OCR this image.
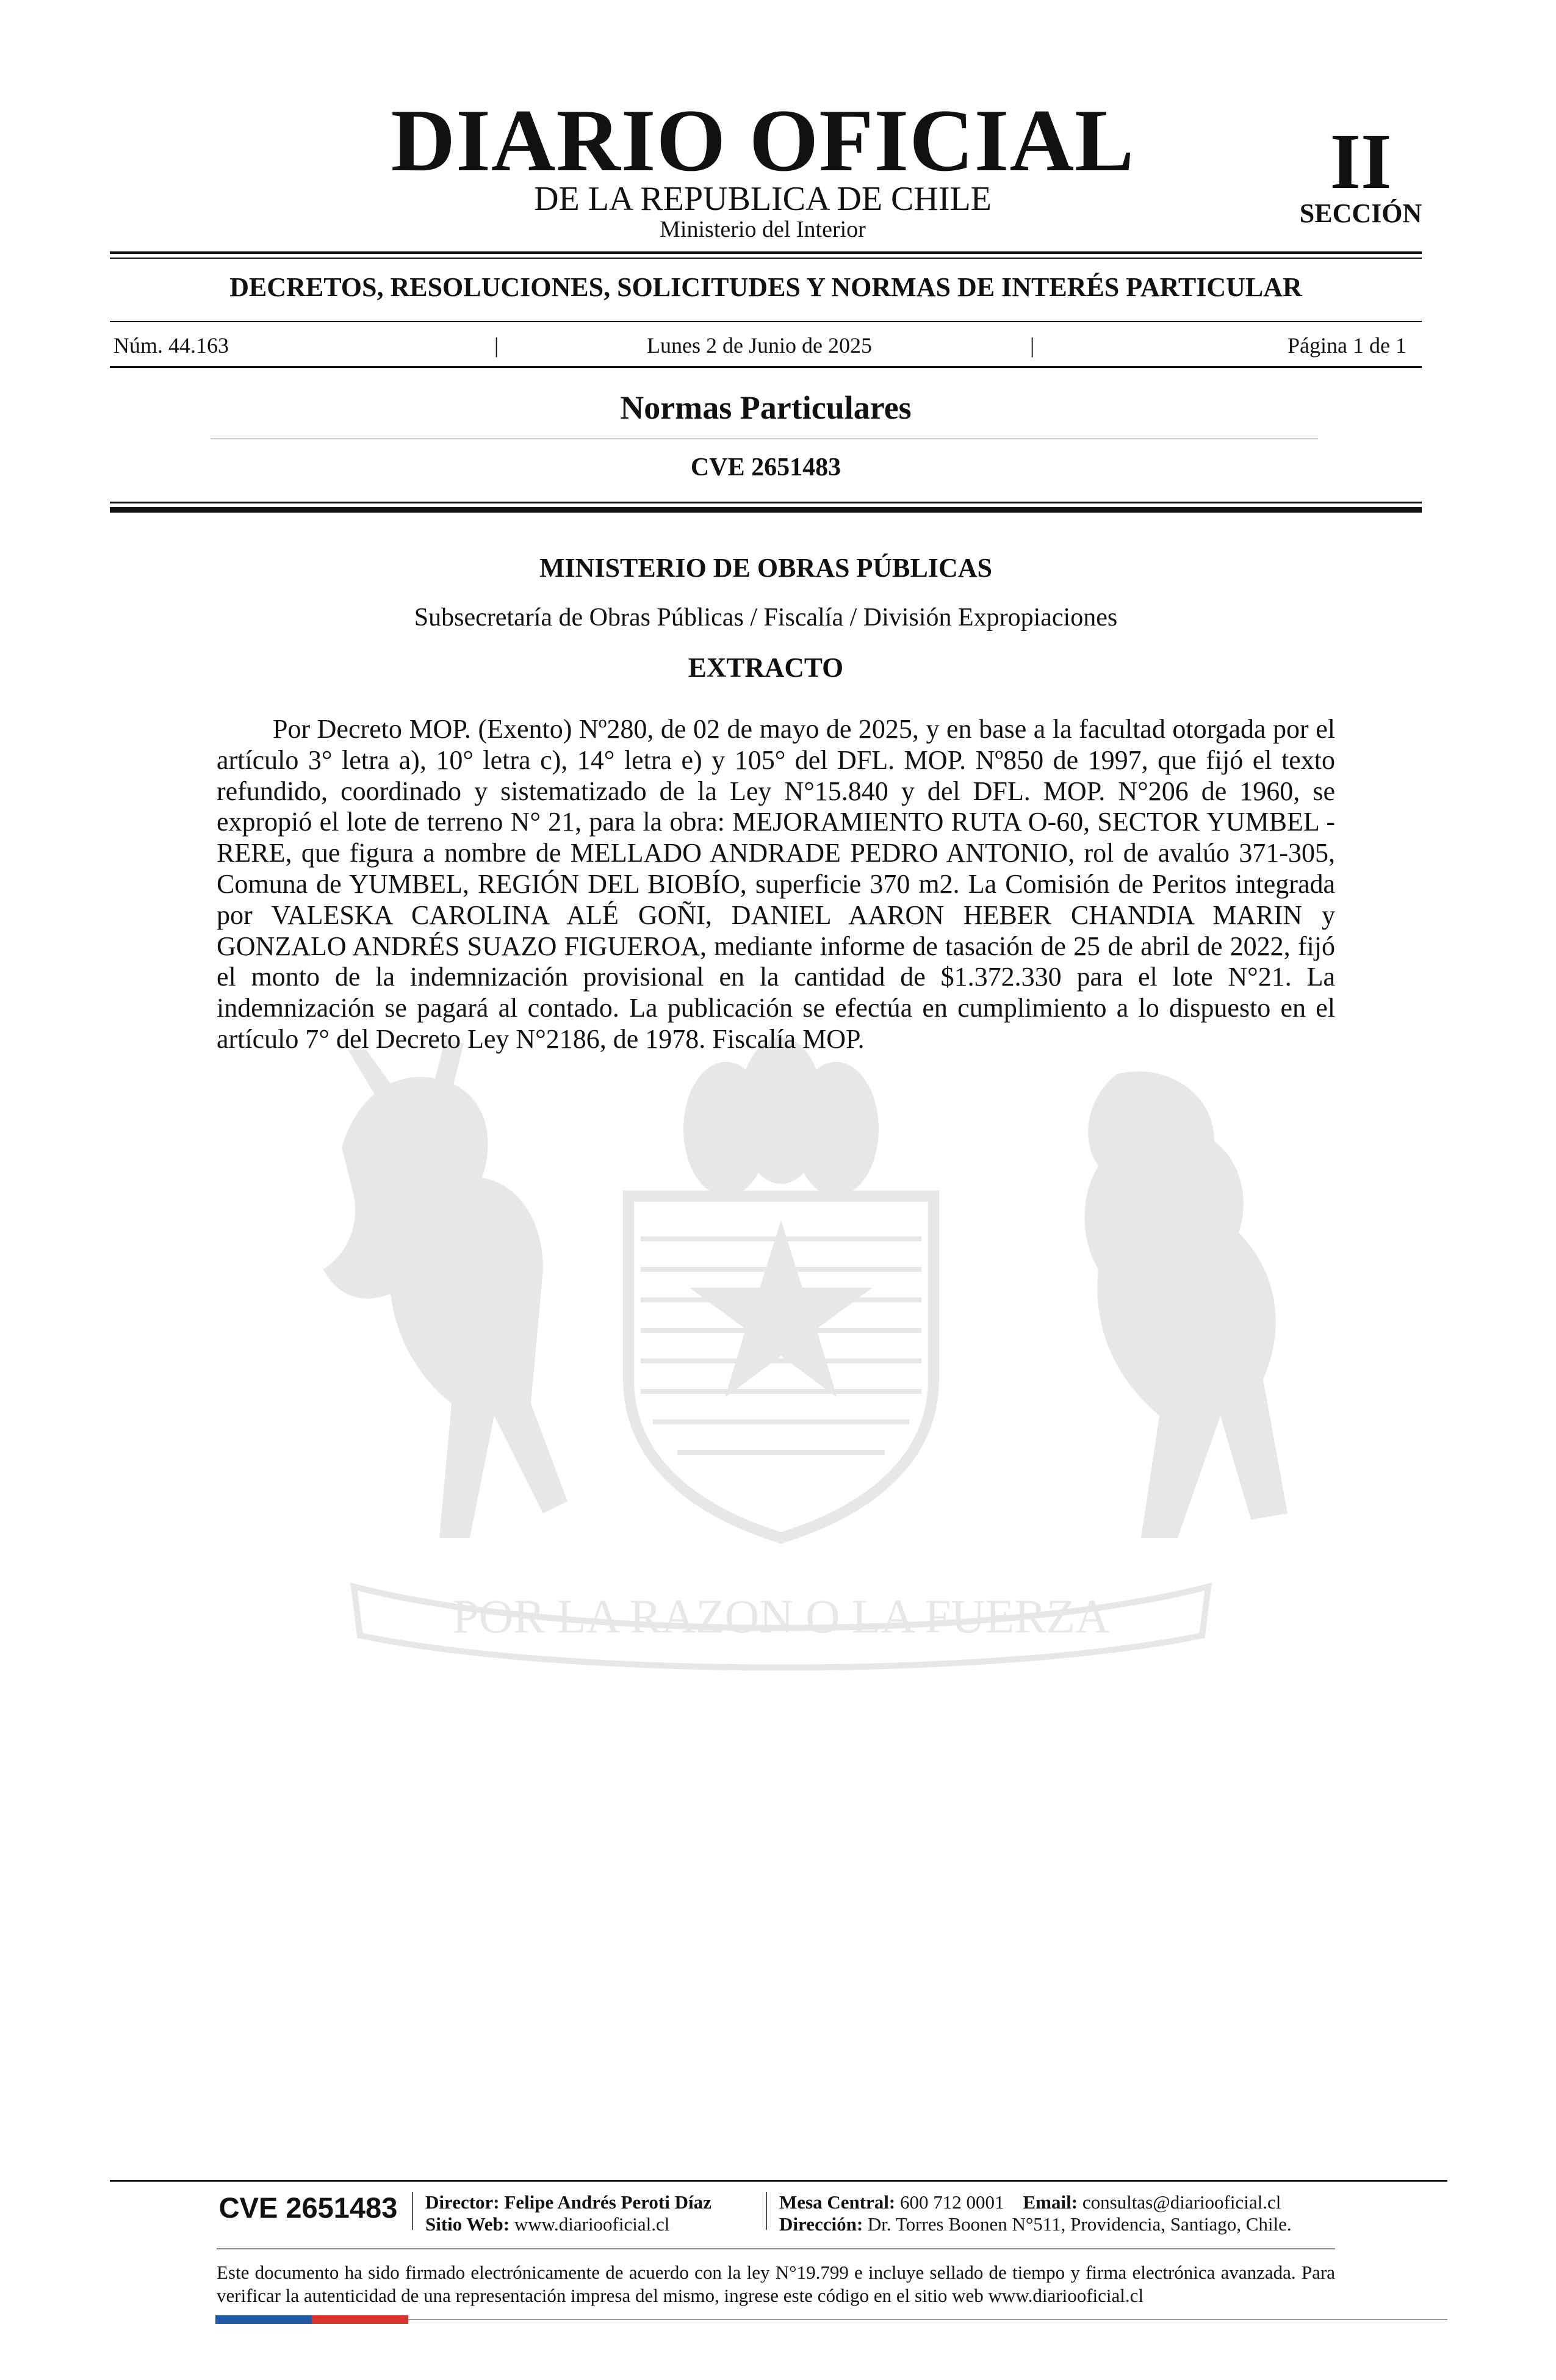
POR LA RAZON O LA FUERZA
DIARIO OFICIAL
DE LA REPUBLICA DE CHILE
Ministerio del Interior
II
SECCIÓN
DECRETOS, RESOLUCIONES, SOLICITUDES Y NORMAS DE INTERÉS PARTICULAR
Núm. 44.163	|	Lunes 2 de Junio de 2025	|	Página 1 de 1
Normas Particulares
CVE 2651483
MINISTERIO DE OBRAS PÚBLICAS
Subsecretaría de Obras Públicas / Fiscalía / División Expropiaciones
EXTRACTO
Por Decreto MOP. (Exento) Nº280, de 02 de mayo de 2025, y en base a la facultad otorgada por el artículo 3° letra a), 10° letra c), 14° letra e) y 105° del DFL. MOP. Nº850 de 1997, que fijó el texto refundido, coordinado y sistematizado de la Ley N°15.840 y del DFL. MOP. N°206 de 1960, se expropió el lote de terreno N° 21, para la obra: MEJORAMIENTO RUTA O-60, SECTOR YUMBEL - RERE, que figura a nombre de MELLADO ANDRADE PEDRO ANTONIO, rol de avalúo 371-305, Comuna de YUMBEL, REGIÓN DEL BIOBÍO, superficie 370 m2. La Comisión de Peritos integrada por VALESKA CAROLINA ALÉ GOÑI, DANIEL AARON HEBER CHANDIA MARIN y GONZALO ANDRÉS SUAZO FIGUEROA, mediante informe de tasación de 25 de abril de 2022, fijó el monto de la indemnización provisional en la cantidad de $1.372.330 para el lote N°21. La indemnización se pagará al contado. La publicación se efectúa en cumplimiento a lo dispuesto en el artículo 7° del Decreto Ley N°2186, de 1978. Fiscalía MOP.
CVE 2651483	Director: Felipe Andrés Peroti Díaz
Sitio Web: www.diariooficial.cl
Mesa Central: 600 712 0001 Email: consultas@diariooficial.cl
Dirección: Dr. Torres Boonen N°511, Providencia, Santiago, Chile.
Este documento ha sido firmado electrónicamente de acuerdo con la ley N°19.799 e incluye sellado de tiempo y firma electrónica avanzada. Para verificar la autenticidad de una representación impresa del mismo, ingrese este código en el sitio web www.diariooficial.cl
